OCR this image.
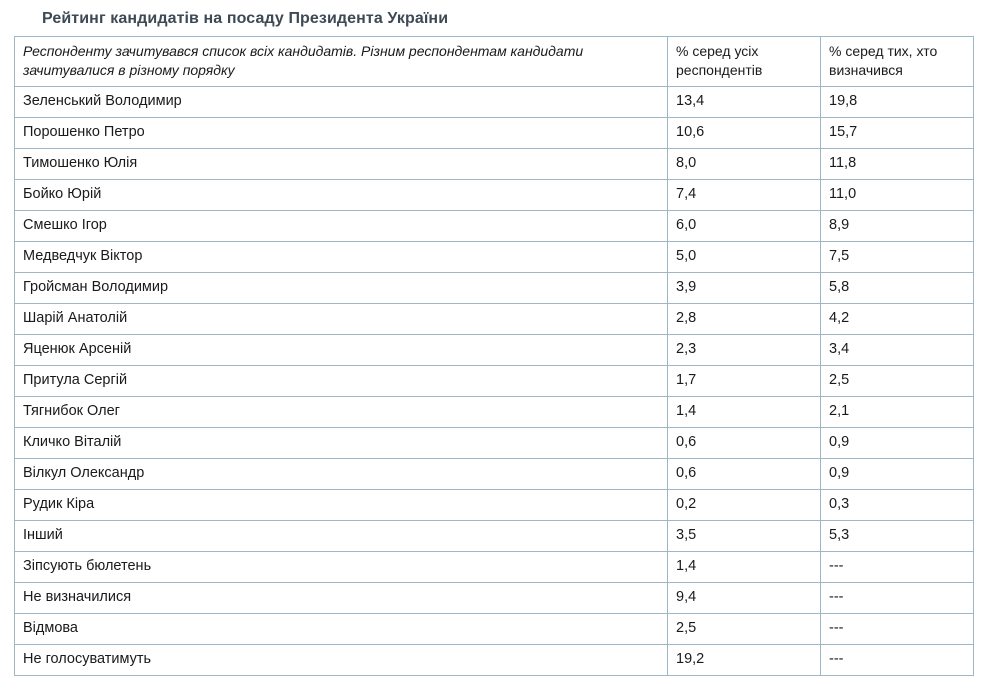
Рейтинг кандидатів на посаду Президента України
Респонденту зачитувався список всіх кандидатів. Різним респондентам кандидати зачитувалися в різному порядку	% серед усіх респондентів	% серед тих, хто визначився
Зеленський Володимир	13,4	19,8
Порошенко Петро	10,6	15,7
Тимошенко Юлія	8,0	11,8
Бойко Юрій	7,4	11,0
Смешко Ігор	6,0	8,9
Медведчук Віктор	5,0	7,5
Гройсман Володимир	3,9	5,8
Шарій Анатолій	2,8	4,2
Яценюк Арсеній	2,3	3,4
Притула Сергій	1,7	2,5
Тягнибок Олег	1,4	2,1
Кличко Віталій	0,6	0,9
Вілкул Олександр	0,6	0,9
Рудик Кіра	0,2	0,3
Інший	3,5	5,3
Зіпсують бюлетень	1,4	---
Не визначилися	9,4	---
Відмова	2,5	---
Не голосуватимуть	19,2	---
